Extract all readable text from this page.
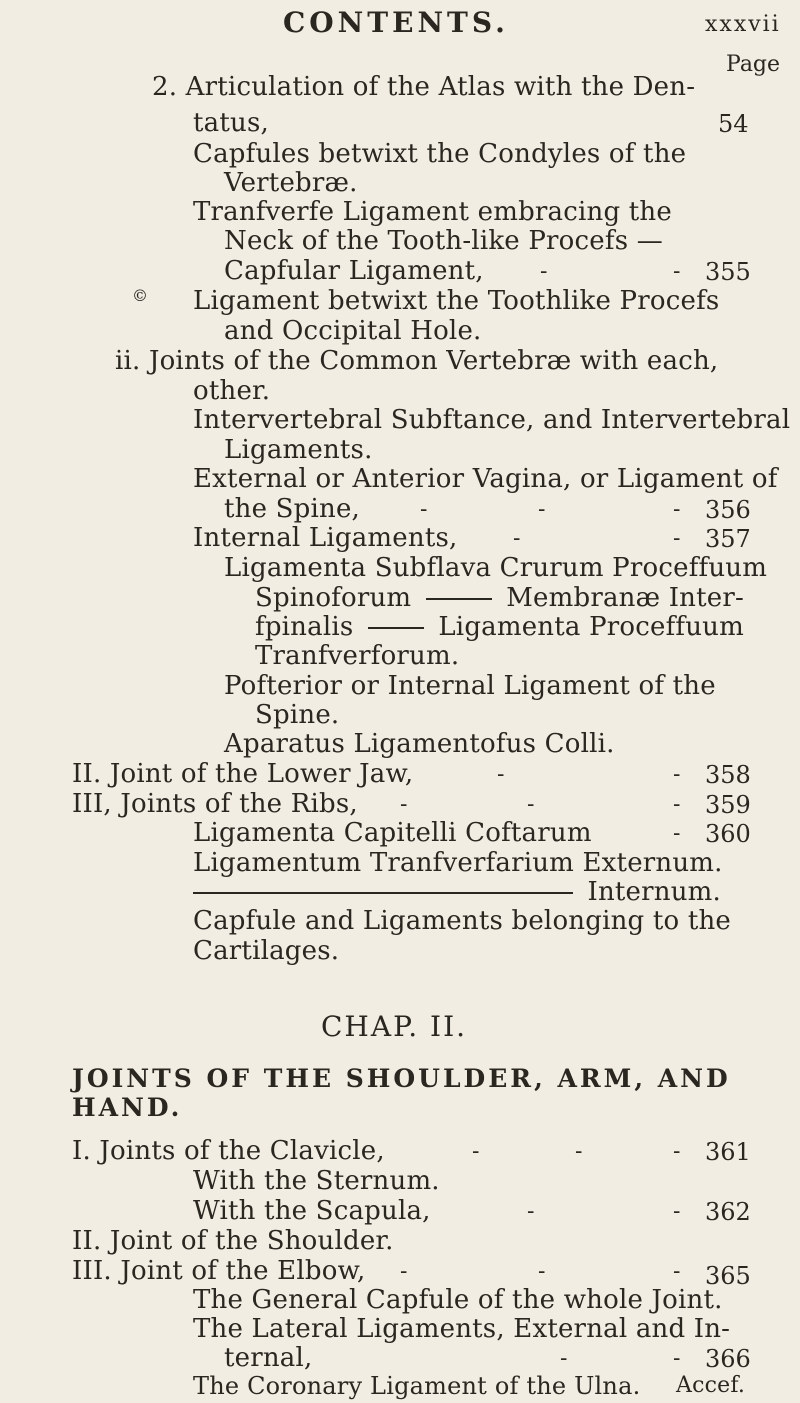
CONTENTS.	xxxvii
Page
©
2. Articulation of the Atlas with the Den-
tatus,	54
Capfules betwixt the Condyles of the
Vertebræ.
Tranfverfe Ligament embracing the
Neck of the Tooth-like Procefs —
Capfular Ligament,	-	- 355
Ligament betwixt the Toothlike Procefs
and Occipital Hole.
ii. Joints of the Common Vertebræ with each,
other.
Intervertebral Subftance, and Intervertebral
Ligaments.
External or Anterior Vagina, or Ligament of
the Spine,	-	-	- 356
Internal Ligaments,	-	- 357
Ligamenta Subflava Crurum Proceffuum
Spinoforum	Membranæ Inter-
fpinalis	Ligamenta Proceffuum
Tranfverforum.
Pofterior or Internal Ligament of the
Spine.
Aparatus Ligamentofus Colli.
II. Joint of the Lower Jaw,	-	- 358
III, Joints of the Ribs, -	-	- 359
Ligamenta Capitelli Coftarum	- 360
Ligamentum Tranfverfarium Externum.
Internum.
Capfule and Ligaments belonging to the
Cartilages.
CHAP. II.
JOINTS OF THE SHOULDER, ARM, AND HAND.
I. Joints of the Clavicle,	-	-	- 361
With the Sternum.
With the Scapula,	-	- 362
II. Joint of the Shoulder.
III. Joint of the Elbow, -	-	- 365
The General Capfule of the whole Joint.
The Lateral Ligaments, External and In-
ternal,	-	- 366
The Coronary Ligament of the Ulna. Accef.
